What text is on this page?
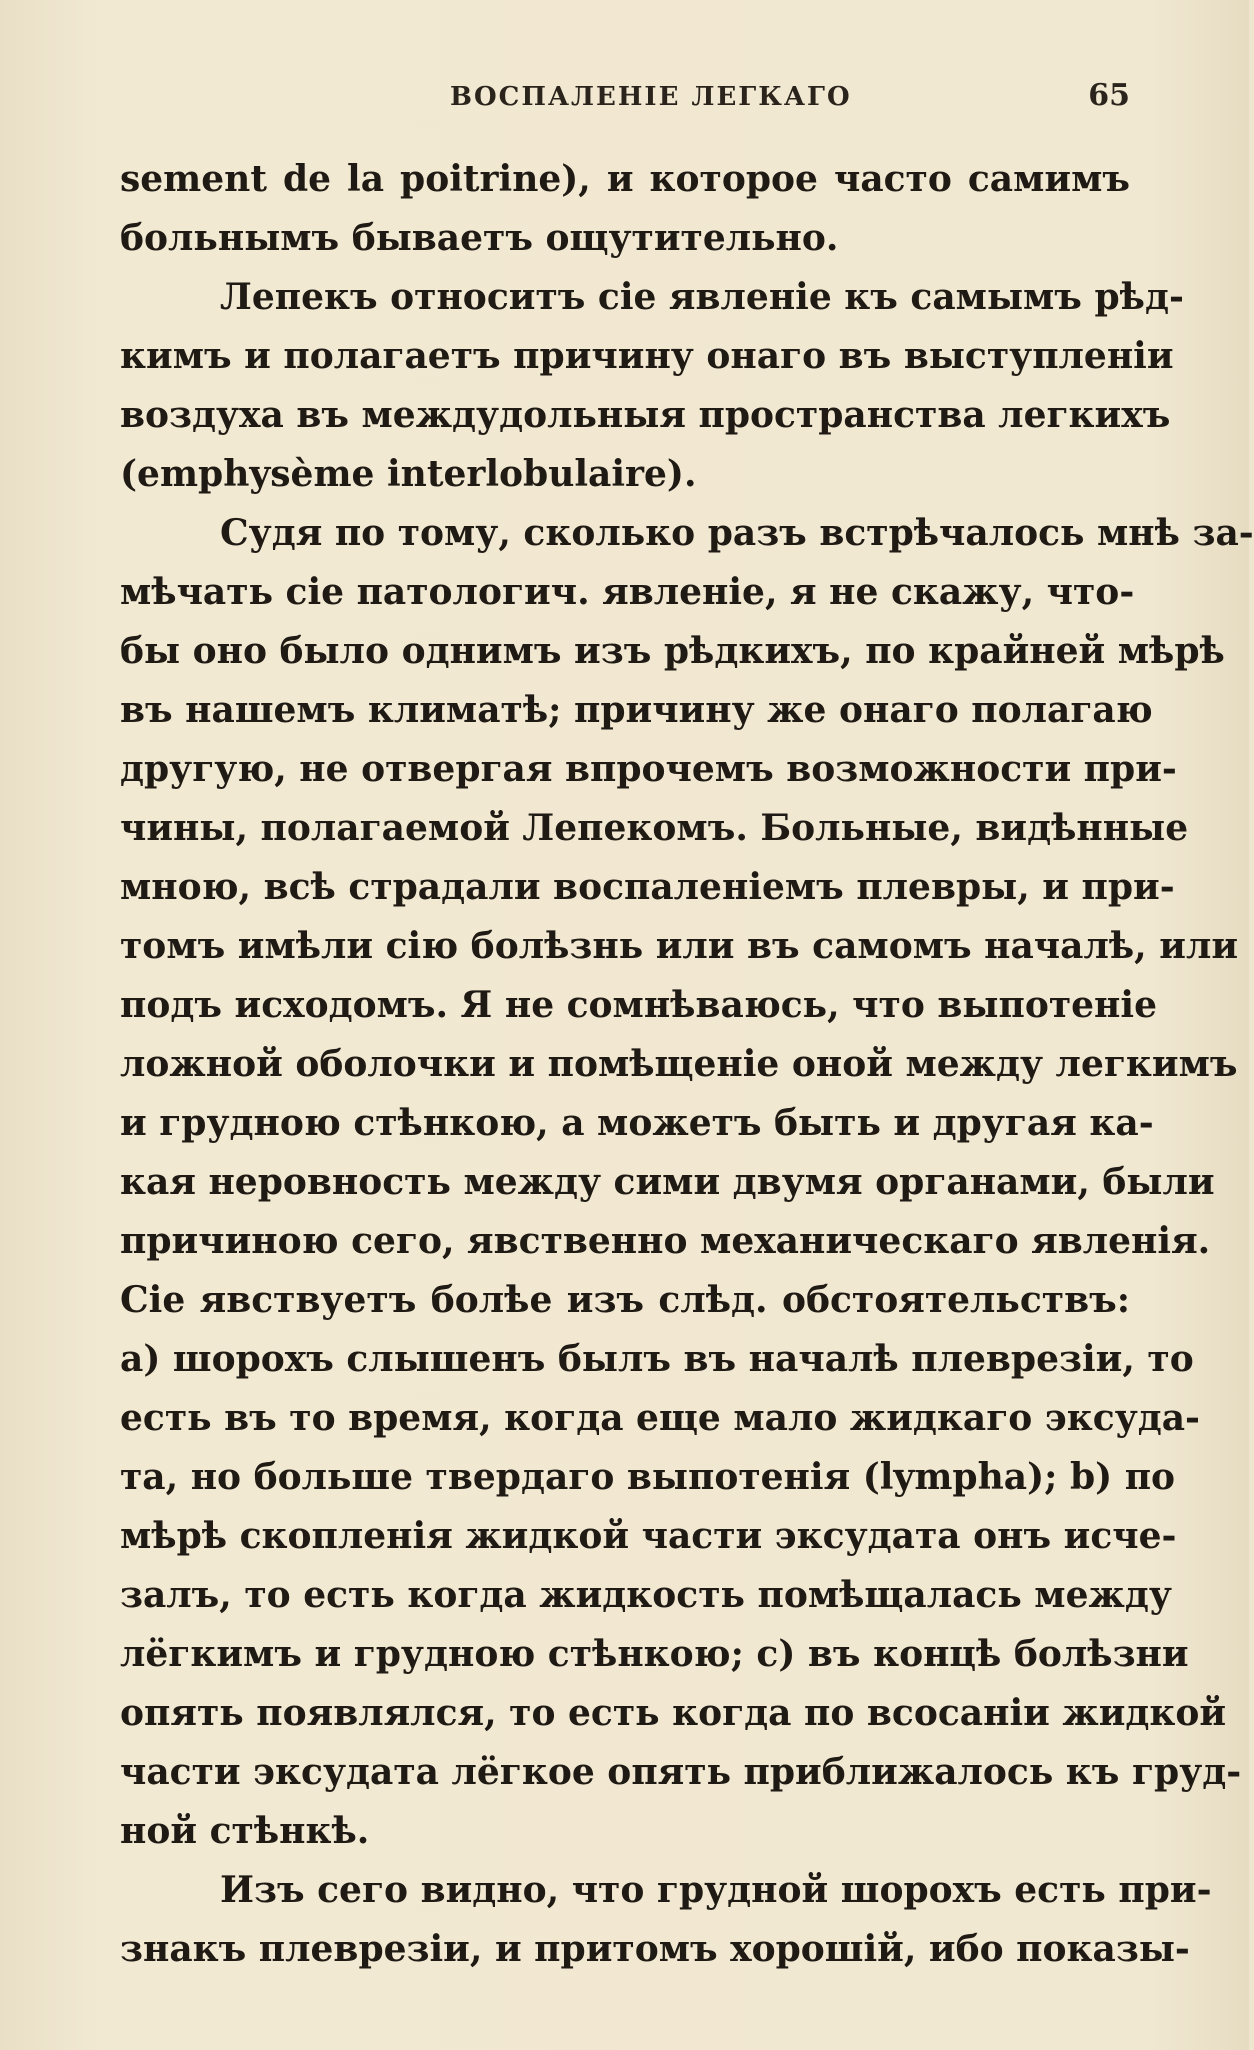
ВОСПАЛЕНІЕ ЛЕГКАГО	65
sement de la poitrine), и которое часто самимъ
больнымъ бываетъ ощутительно.
Лепекъ относитъ сіе явленіе къ самымъ рѣд-
кимъ и полагаетъ причину онаго въ выступленіи
воздуха въ междудольныя пространства легкихъ
(emphysème interlobulaire).
Судя по тому, сколько разъ встрѣчалось мнѣ за-
мѣчать сіе патологич. явленіе, я не скажу, что-
бы оно было однимъ изъ рѣдкихъ, по крайней мѣрѣ
въ нашемъ климатѣ; причину же онаго полагаю
другую, не отвергая впрочемъ возможности при-
чины, полагаемой Лепекомъ. Больные, видѣнные
мною, всѣ страдали воспаленіемъ плевры, и при-
томъ имѣли сію болѣзнь или въ самомъ началѣ, или
подъ исходомъ. Я не сомнѣваюсь, что выпотеніе
ложной оболочки и помѣщеніе оной между легкимъ
и грудною стѣнкою, а можетъ быть и другая ка-
кая неровность между сими двумя органами, были
причиною сего, явственно механическаго явленія.
Сіе явствуетъ болѣе изъ слѣд. обстоятельствъ:
a) шорохъ слышенъ былъ въ началѣ плеврезіи, то
есть въ то время, когда еще мало жидкаго эксуда-
та, но больше твердаго выпотенія (lympha); b) по
мѣрѣ скопленія жидкой части эксудата онъ исче-
залъ, то есть когда жидкость помѣщалась между
лёгкимъ и грудною стѣнкою; c) въ концѣ болѣзни
опять появлялся, то есть когда по всосаніи жидкой
части эксудата лёгкое опять приближалось къ груд-
ной стѣнкѣ.
Изъ сего видно, что грудной шорохъ есть при-
знакъ плеврезіи, и притомъ хорошій, ибо показы-
